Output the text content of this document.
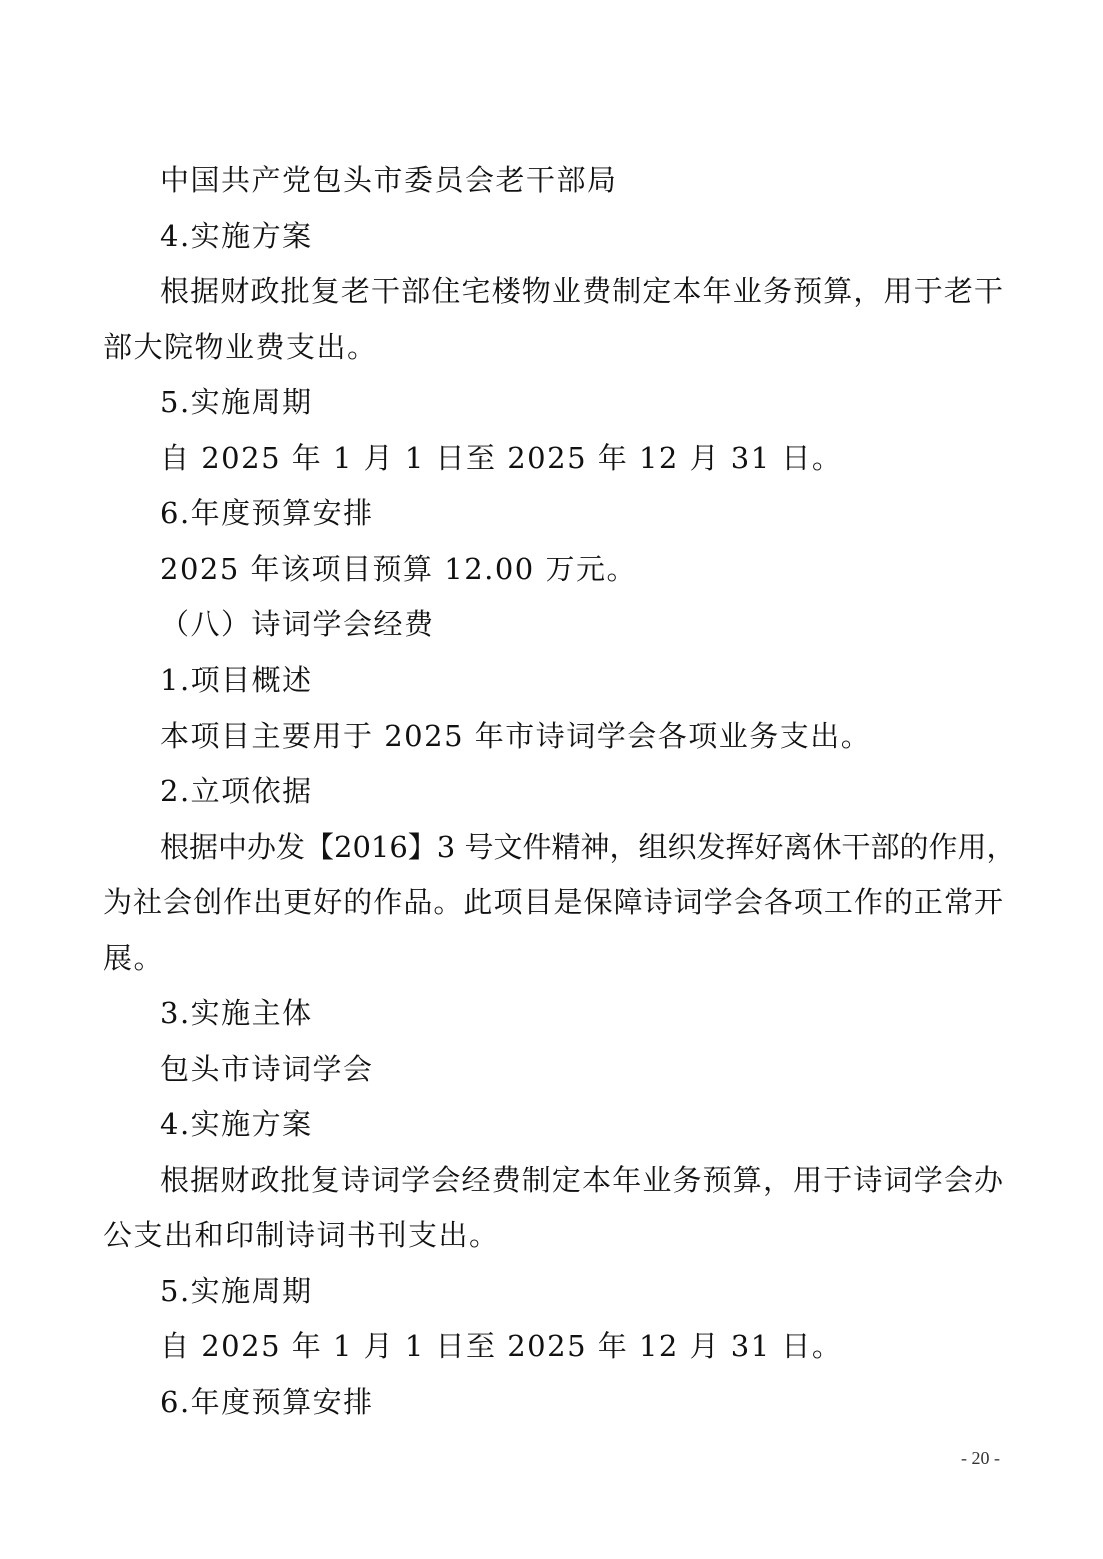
中国共产党包头市委员会老干部局
4.实施方案
根据财政批复老干部住宅楼物业费制定本年业务预算，用于老干
部大院物业费支出。
5.实施周期
自 2025 年 1 月 1 日至 2025 年 12 月 31 日。
6.年度预算安排
2025 年该项目预算 12.00 万元。
（八）诗词学会经费
1.项目概述
本项目主要用于 2025 年市诗词学会各项业务支出。
2.立项依据
根据中办发【2016】3 号文件精神，组织发挥好离休干部的作用，
为社会创作出更好的作品。此项目是保障诗词学会各项工作的正常开
展。
3.实施主体
包头市诗词学会
4.实施方案
根据财政批复诗词学会经费制定本年业务预算，用于诗词学会办
公支出和印制诗词书刊支出。
5.实施周期
自 2025 年 1 月 1 日至 2025 年 12 月 31 日。
6.年度预算安排
- 20 -
